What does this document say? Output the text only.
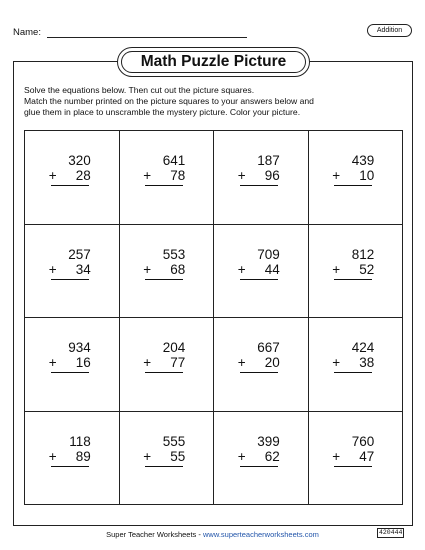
Name:	Addition
Math Puzzle Picture

Solve the equations below. Then cut out the picture squares.

Match the number printed on the picture squares to your answers below and

glue them in place to unscramble the mystery picture. Color your picture.

320
+ 28
641
+ 78
187
+ 96
439
+ 10
257
+ 34
553
+ 68
709
+ 44
812
+ 52
934
+ 16
204
+ 77
667
+ 20
424
+ 38
118
+ 89
555
+ 55
399
+ 62
760
+ 47
Super Teacher Worksheets - www.superteacherworksheets.com	420444
